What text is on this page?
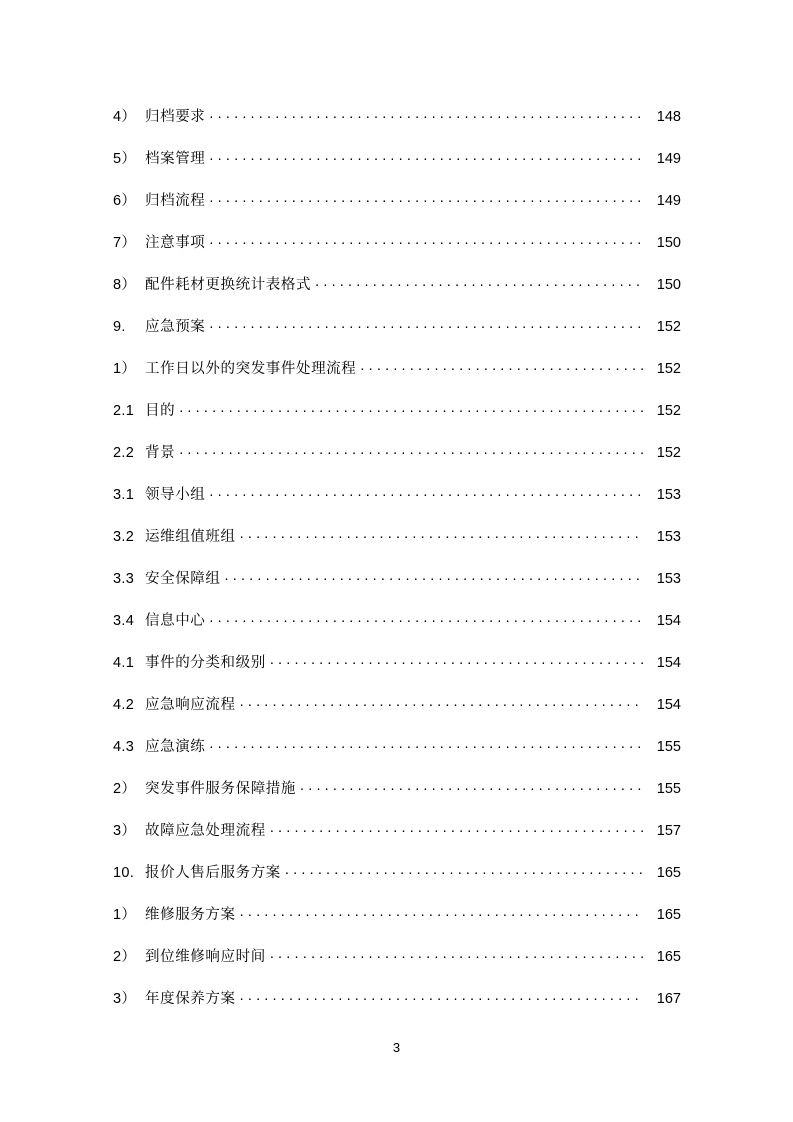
4） 归档要求 .....	148
5） 档案管理 .....	149
6） 归档流程 .....	149
7） 注意事项 .....	150
8） 配件耗材更换统计表格式 .....	150
9.	应急预案 .....	152
1） 工作日以外的突发事件处理流程 .....	152
2.1 目的 .....	152
2.2 背景 .....	152
3.1 领导小组 .....	153
3.2 运维组值班组 .....	153
3.3 安全保障组 .....	153
3.4 信息中心 .....	154
4.1 事件的分类和级别 .....	154
4.2 应急响应流程 .....	154
4.3 应急演练 .....	155
2） 突发事件服务保障措施 .....	155
3） 故障应急处理流程 .....	157
10. 报价人售后服务方案 .....	165
1） 维修服务方案 .....	165
2） 到位维修响应时间 .....	165
3） 年度保养方案 .....	167
3
